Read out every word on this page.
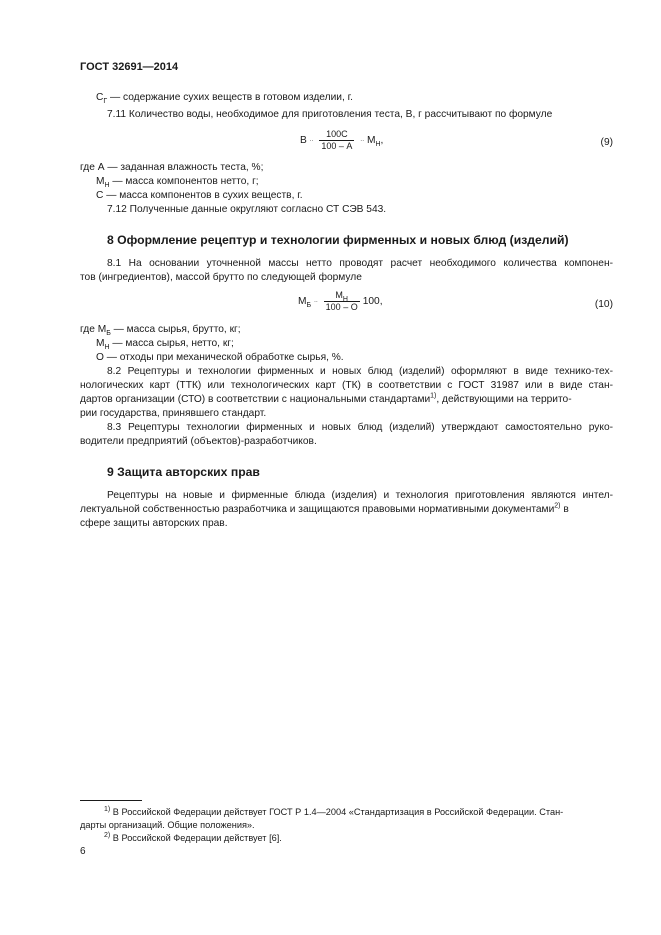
ГОСТ 32691—2014
$С_Г$ — содержание сухих веществ в готовом изделии, г.
7.11 Количество воды, необходимое для приготовления теста, В, г рассчитывают по формуле
В .. $\frac{100С}{100 - А}$ .. $М_Н$,	(9)
где А — заданная влажность теста, %;
$М_Н$ — масса компонентов нетто, г;
С — масса компонентов в сухих веществ, г.
7.12 Полученные данные округляют согласно СТ СЭВ 543.
8 Оформление рецептур и технологии фирменных и новых блюд (изделий)
8.1 На основании уточненной массы нетто проводят расчет необходимого количества компонен-
тов (ингредиентов), массой брутто по следующей формуле
$М_Б$ .. $\frac{М_Н}{100 - О} 100$,	(10)
где $М_Б$ — масса сырья, брутто, кг;
$М_Н$ — масса сырья, нетто, кг;
О — отходы при механической обработке сырья, %.
8.2 Рецептуры и технологии фирменных и новых блюд (изделий) оформляют в виде технико-тех-
нологических карт (ТТК) или технологических карт (ТК) в соответствии с ГОСТ 31987 или в виде стан-
дартов организации (СТО) в соответствии с национальными стандартами$^{1)}$, действующими на террито-
рии государства, принявшего стандарт.
8.3 Рецептуры технологии фирменных и новых блюд (изделий) утверждают самостоятельно руко-
водители предприятий (объектов)-разработчиков.
9 Защита авторских прав
Рецептуры на новые и фирменные блюда (изделия) и технология приготовления являются интел-
лектуальной собственностью разработчика и защищаются правовыми нормативными документами$^{2)}$ в
сфере защиты авторских прав.
$^{1)}$ В Российской Федерации действует ГОСТ Р 1.4—2004 «Стандартизация в Российской Федерации. Стан-
дарты организаций. Общие положения».
$^{2)}$ В Российской Федерации действует [6].
6
